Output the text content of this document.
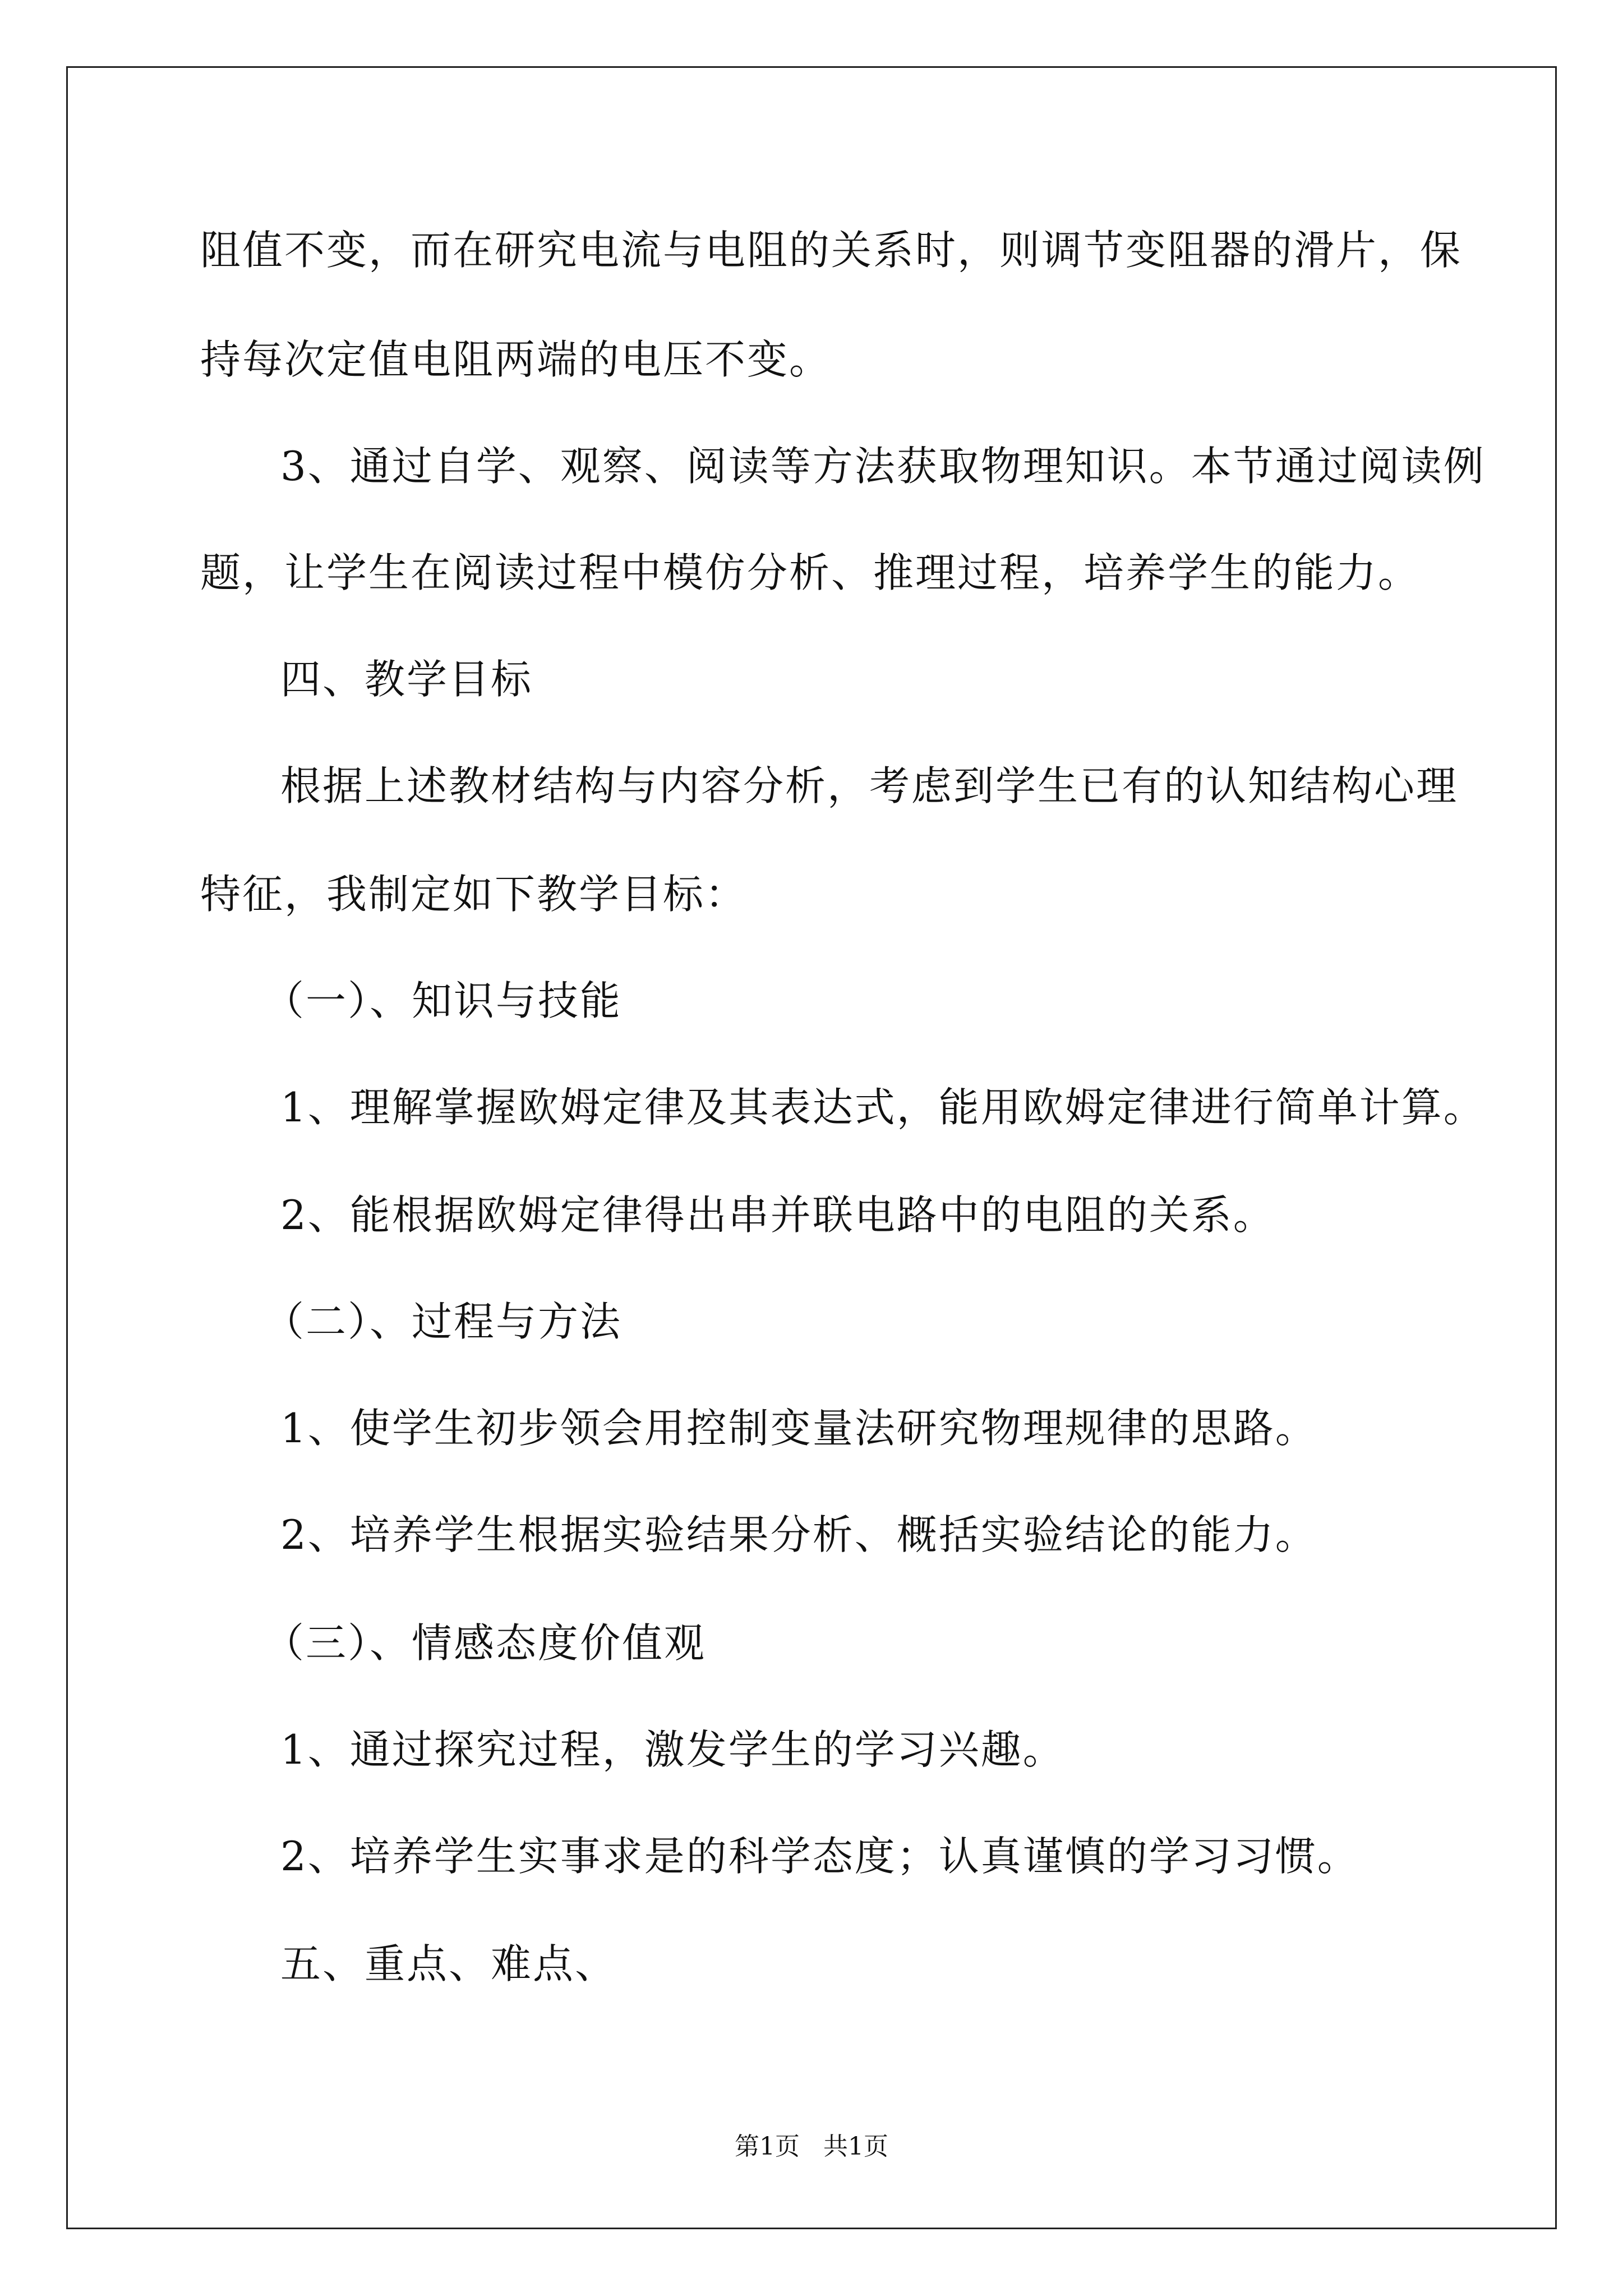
阻值不变，而在研究电流与电阻的关系时，则调节变阻器的滑片，保

持每次定值电阻两端的电压不变。

3、通过自学、观察、阅读等方法获取物理知识。本节通过阅读例

题，让学生在阅读过程中模仿分析、推理过程，培养学生的能力。

四、教学目标

根据上述教材结构与内容分析，考虑到学生已有的认知结构心理

特征，我制定如下教学目标：

（一）、知识与技能

1、理解掌握欧姆定律及其表达式，能用欧姆定律进行简单计算。

2、能根据欧姆定律得出串并联电路中的电阻的关系。

（二）、过程与方法

1、使学生初步领会用控制变量法研究物理规律的思路。

2、培养学生根据实验结果分析、概括实验结论的能力。

（三）、情感态度价值观

1、通过探究过程，激发学生的学习兴趣。

2、培养学生实事求是的科学态度；认真谨慎的学习习惯。

五、重点、难点、

第1页   共1页
